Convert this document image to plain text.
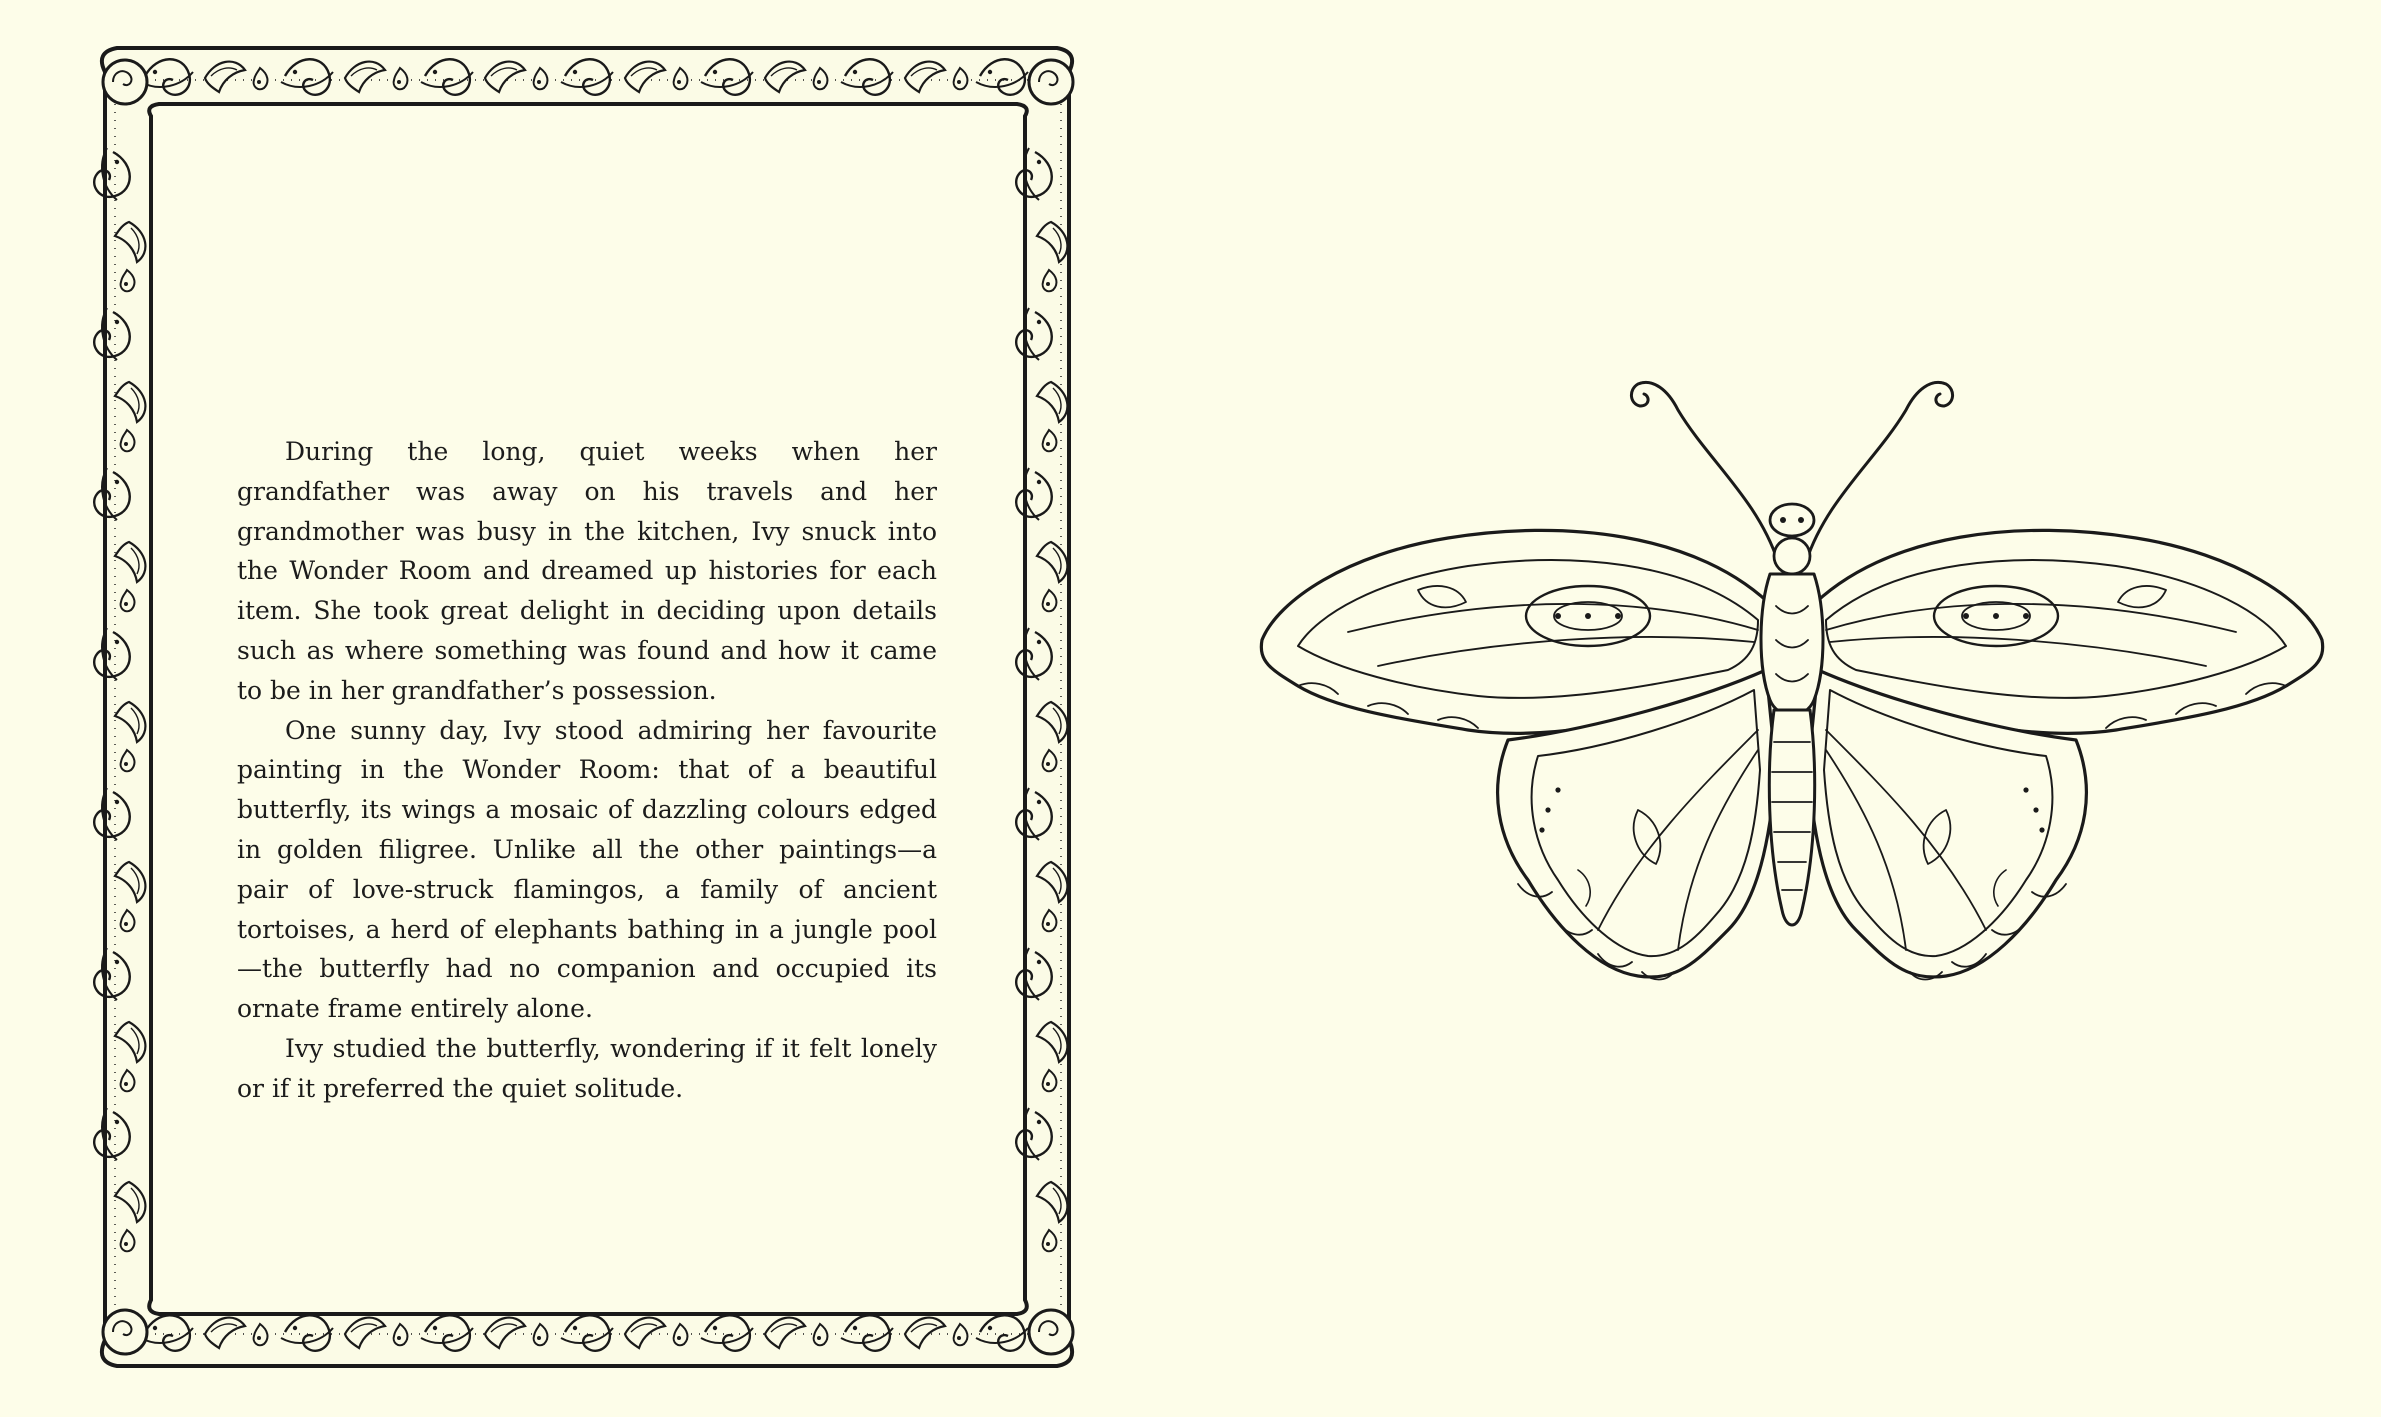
During the long, quiet weeks when her grandfather was away on his travels and her grandmother was busy in the kitchen, Ivy snuck into the Wonder Room and dreamed up histories for each item. She took great delight in deciding upon details such as where something was found and how it came to be in her grandfather’s possession.

One sunny day, Ivy stood admiring her favourite painting in the Wonder Room: that of a beautiful butterfly, its wings a mosaic of dazzling colours edged in golden filigree. Unlike all the other paintings—a pair of love-struck flamingos, a family of ancient tortoises, a herd of elephants bathing in a jungle pool—the butterfly had no companion and occupied its ornate frame entirely alone.

Ivy studied the butterfly, wondering if it felt lonely or if it preferred the quiet solitude.
